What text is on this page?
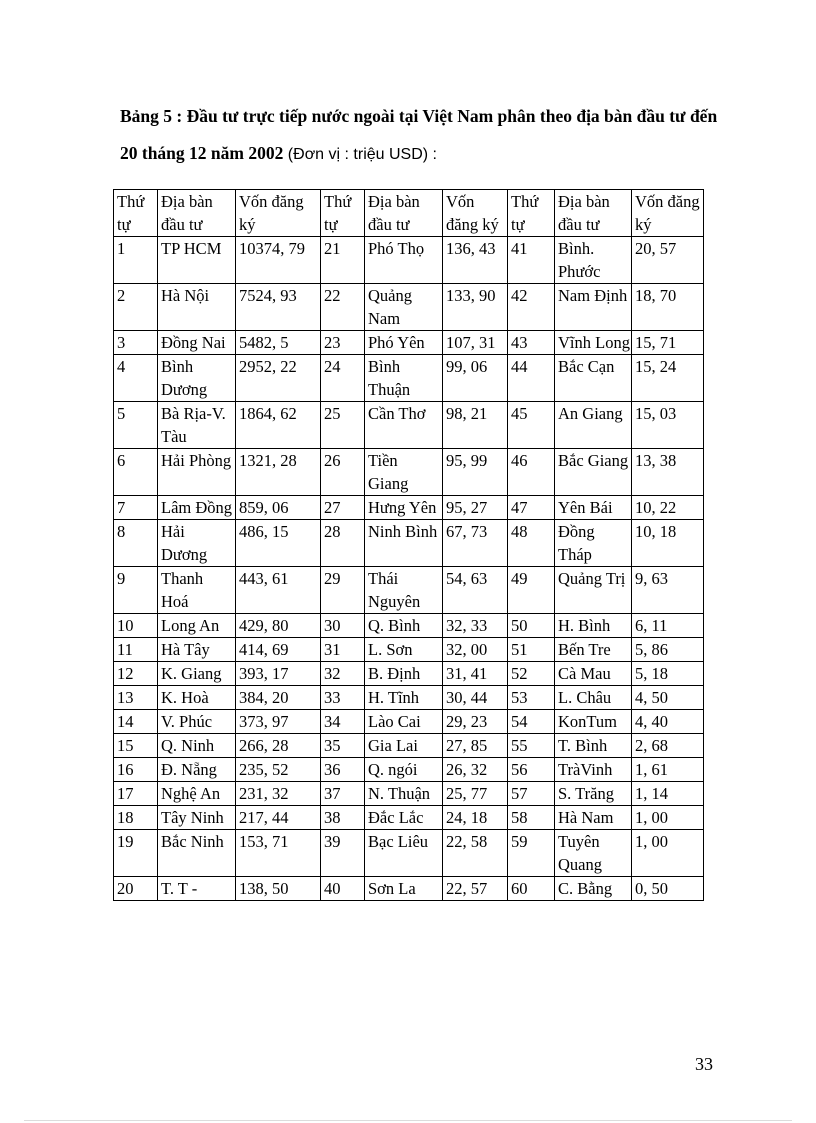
Bảng 5 : Đầu tư trực tiếp nước ngoài tại Việt Nam phân theo địa bàn đầu tư đến 20 tháng 12 năm 2002 (Đơn vị : triệu USD) :
Thứ tự	Địa bàn đầu tư	Vốn đăng ký	Thứ tự	Địa bàn đầu tư	Vốn đăng ký	Thứ tự	Địa bàn đầu tư	Vốn đăng ký
1	TP HCM	10374, 79	21	Phó Thọ	136, 43	41	Bình. Phước	20, 57
2	Hà Nội	7524, 93	22	Quảng Nam	133, 90	42	Nam Định	18, 70
3	Đồng Nai	5482, 5	23	Phó Yên	107, 31	43	Vĩnh Long	15, 71
4	Bình Dương	2952, 22	24	Bình Thuận	99, 06	44	Bắc Cạn	15, 24
5	Bà Rịa-V. Tàu	1864, 62	25	Cần Thơ	98, 21	45	An Giang	15, 03
6	Hải Phòng	1321, 28	26	Tiền Giang	95, 99	46	Bắc Giang	13, 38
7	Lâm Đồng	859, 06	27	Hưng Yên	95, 27	47	Yên Bái	10, 22
8	Hải Dương	486, 15	28	Ninh Bình	67, 73	48	Đồng Tháp	10, 18
9	Thanh Hoá	443, 61	29	Thái Nguyên	54, 63	49	Quảng Trị	9, 63
10	Long An	429, 80	30	Q. Bình	32, 33	50	H. Bình	6, 11
11	Hà Tây	414, 69	31	L. Sơn	32, 00	51	Bến Tre	5, 86
12	K. Giang	393, 17	32	B. Định	31, 41	52	Cà Mau	5, 18
13	K. Hoà	384, 20	33	H. Tĩnh	30, 44	53	L. Châu	4, 50
14	V. Phúc	373, 97	34	Lào Cai	29, 23	54	KonTum	4, 40
15	Q. Ninh	266, 28	35	Gia Lai	27, 85	55	T. Bình	2, 68
16	Đ. Nẵng	235, 52	36	Q. ngói	26, 32	56	TràVinh	1, 61
17	Nghệ An	231, 32	37	N. Thuận	25, 77	57	S. Trăng	1, 14
18	Tây Ninh	217, 44	38	Đắc Lắc	24, 18	58	Hà Nam	1, 00
19	Bắc Ninh	153, 71	39	Bạc Liêu	22, 58	59	Tuyên Quang	1, 00
20	T. T -	138, 50	40	Sơn La	22, 57	60	C. Bằng	0, 50
33
